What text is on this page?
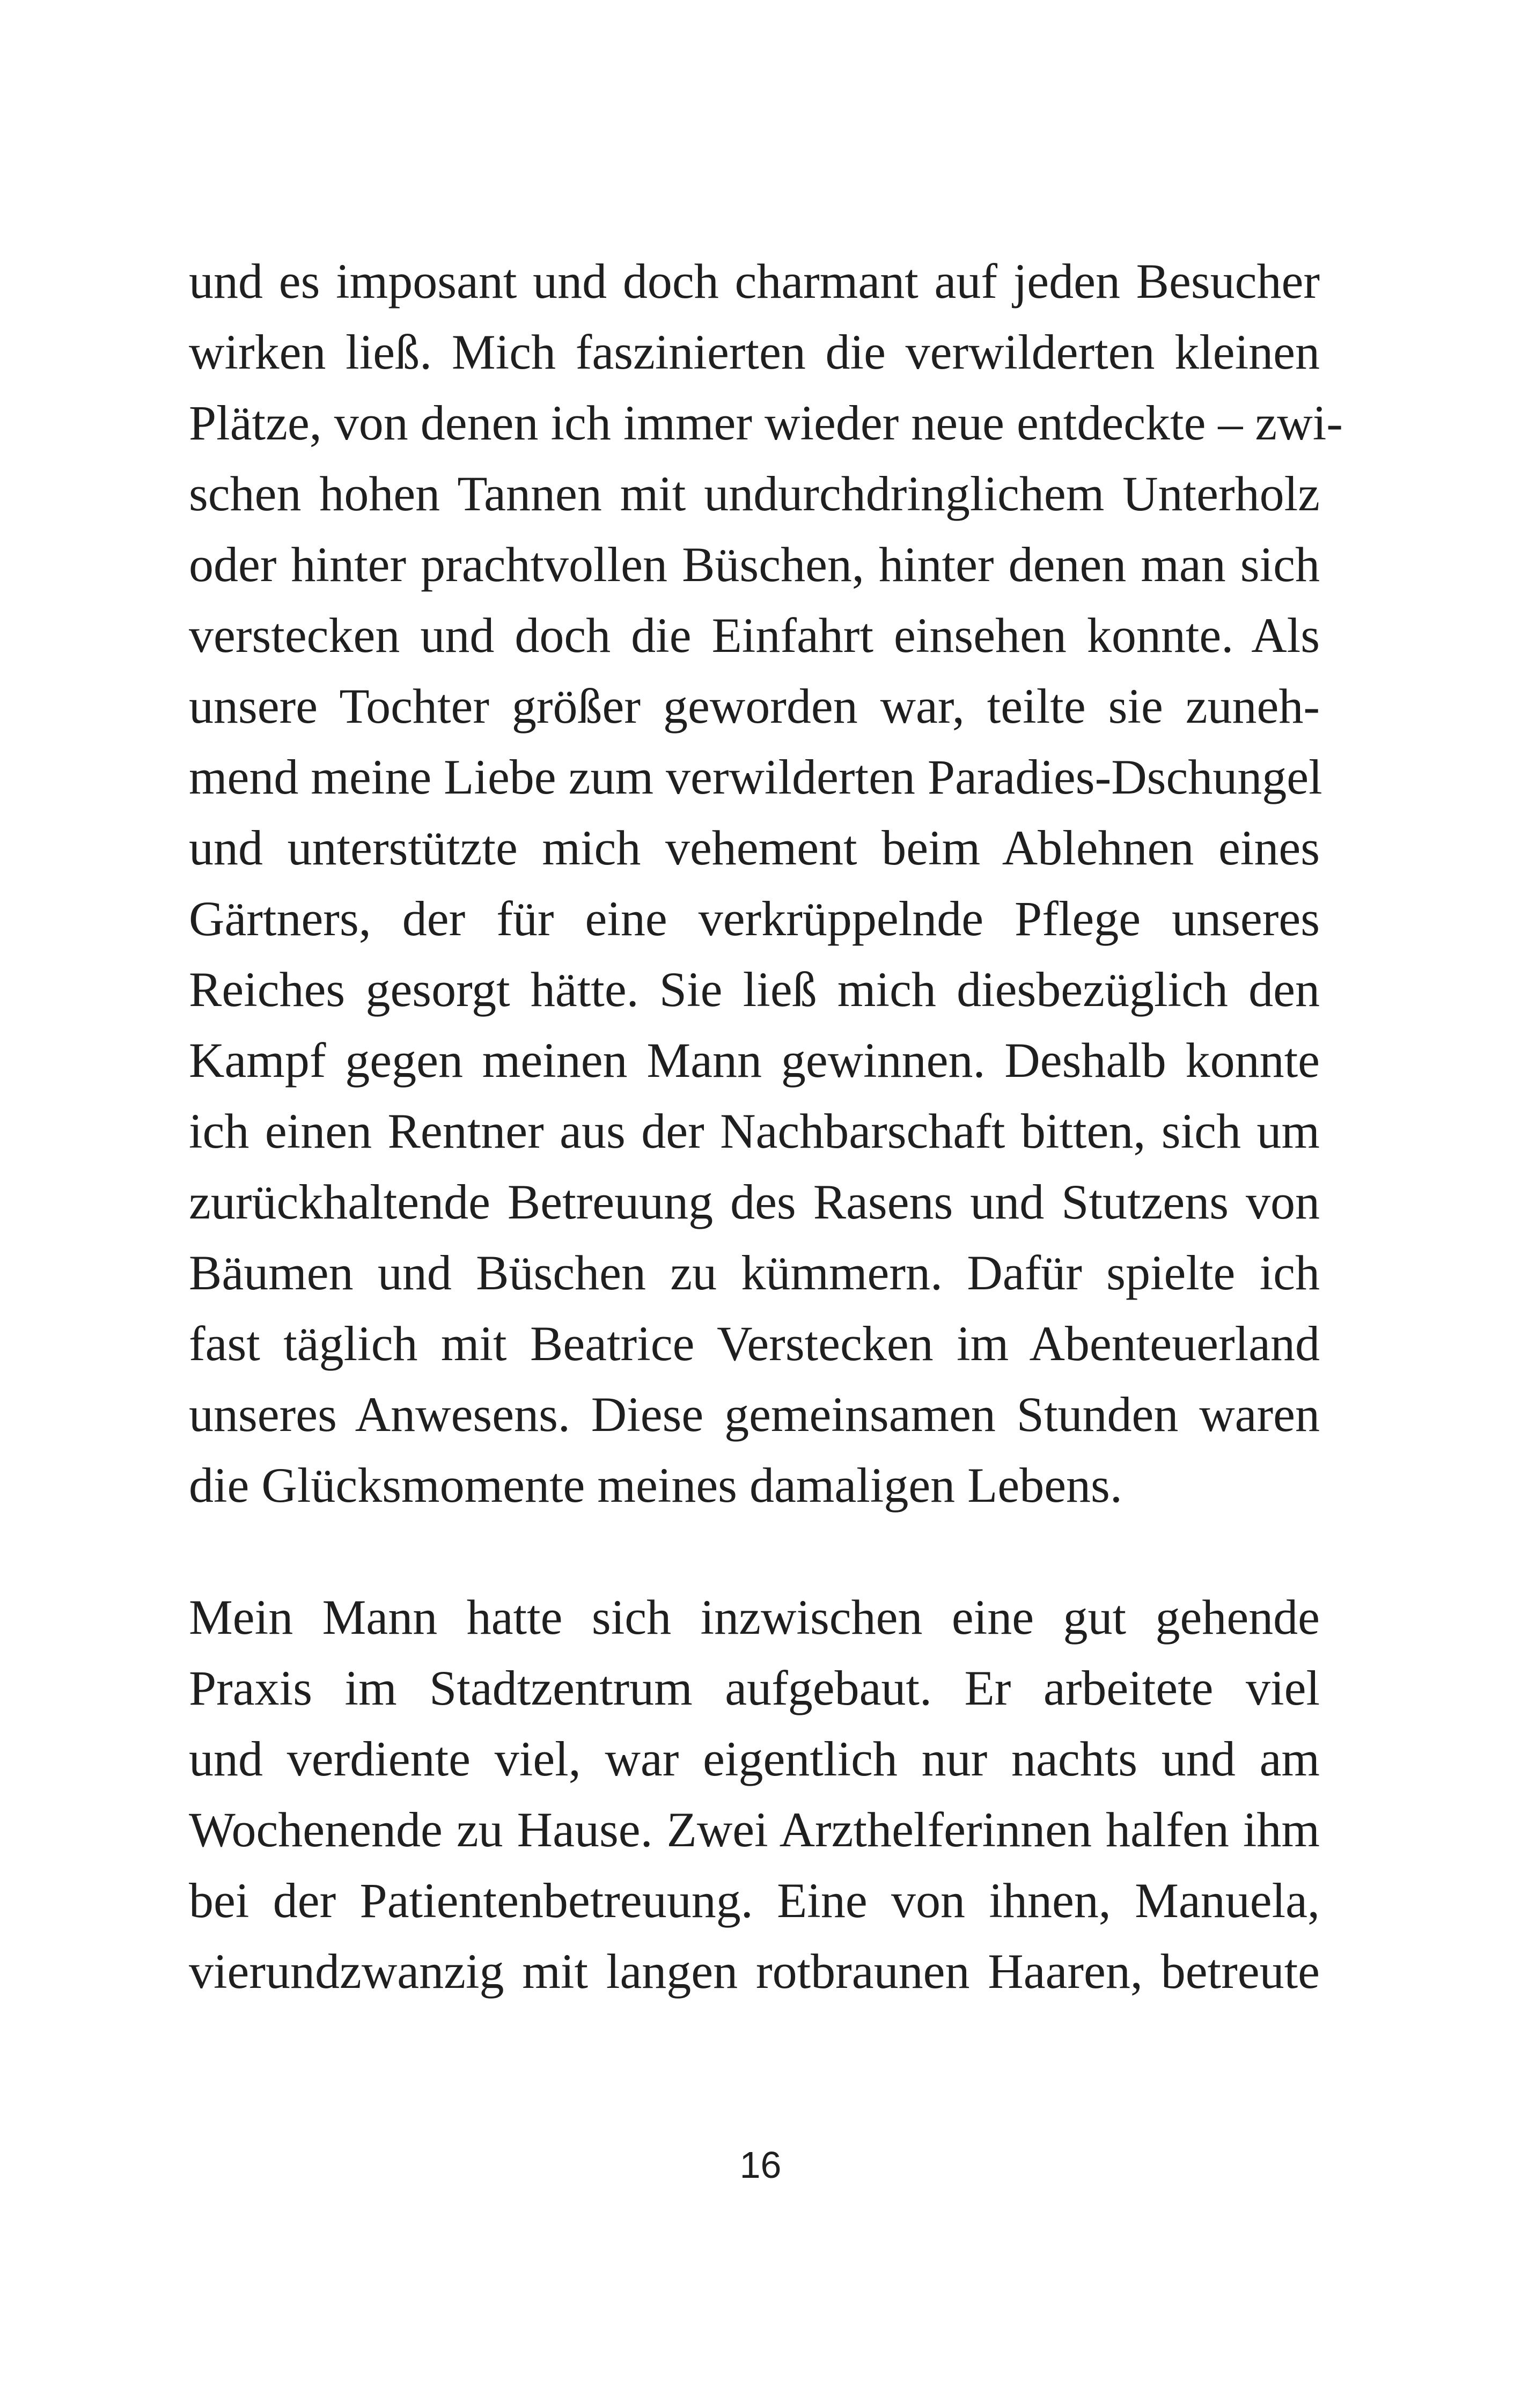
und es imposant und doch charmant auf jeden Besucher
wirken ließ. Mich faszinierten die verwilderten kleinen
Plätze, von denen ich immer wieder neue entdeckte – zwi-
schen hohen Tannen mit undurchdringlichem Unterholz
oder hinter prachtvollen Büschen, hinter denen man sich
verstecken und doch die Einfahrt einsehen konnte. Als
unsere Tochter größer geworden war, teilte sie zuneh-
mend meine Liebe zum verwilderten Paradies-Dschungel
und unterstützte mich vehement beim Ablehnen eines
Gärtners, der für eine verkrüppelnde Pflege unseres
Reiches gesorgt hätte. Sie ließ mich diesbezüglich den
Kampf gegen meinen Mann gewinnen. Deshalb konnte
ich einen Rentner aus der Nachbarschaft bitten, sich um
zurückhaltende Betreuung des Rasens und Stutzens von
Bäumen und Büschen zu kümmern. Dafür spielte ich
fast täglich mit Beatrice Verstecken im Abenteuerland
unseres Anwesens. Diese gemeinsamen Stunden waren
die Glücksmomente meines damaligen Lebens.
Mein Mann hatte sich inzwischen eine gut gehende
Praxis im Stadtzentrum aufgebaut. Er arbeitete viel
und verdiente viel, war eigentlich nur nachts und am
Wochenende zu Hause. Zwei Arzthelferinnen halfen ihm
bei der Patientenbetreuung. Eine von ihnen, Manuela,
vierundzwanzig mit langen rotbraunen Haaren, betreute
16
